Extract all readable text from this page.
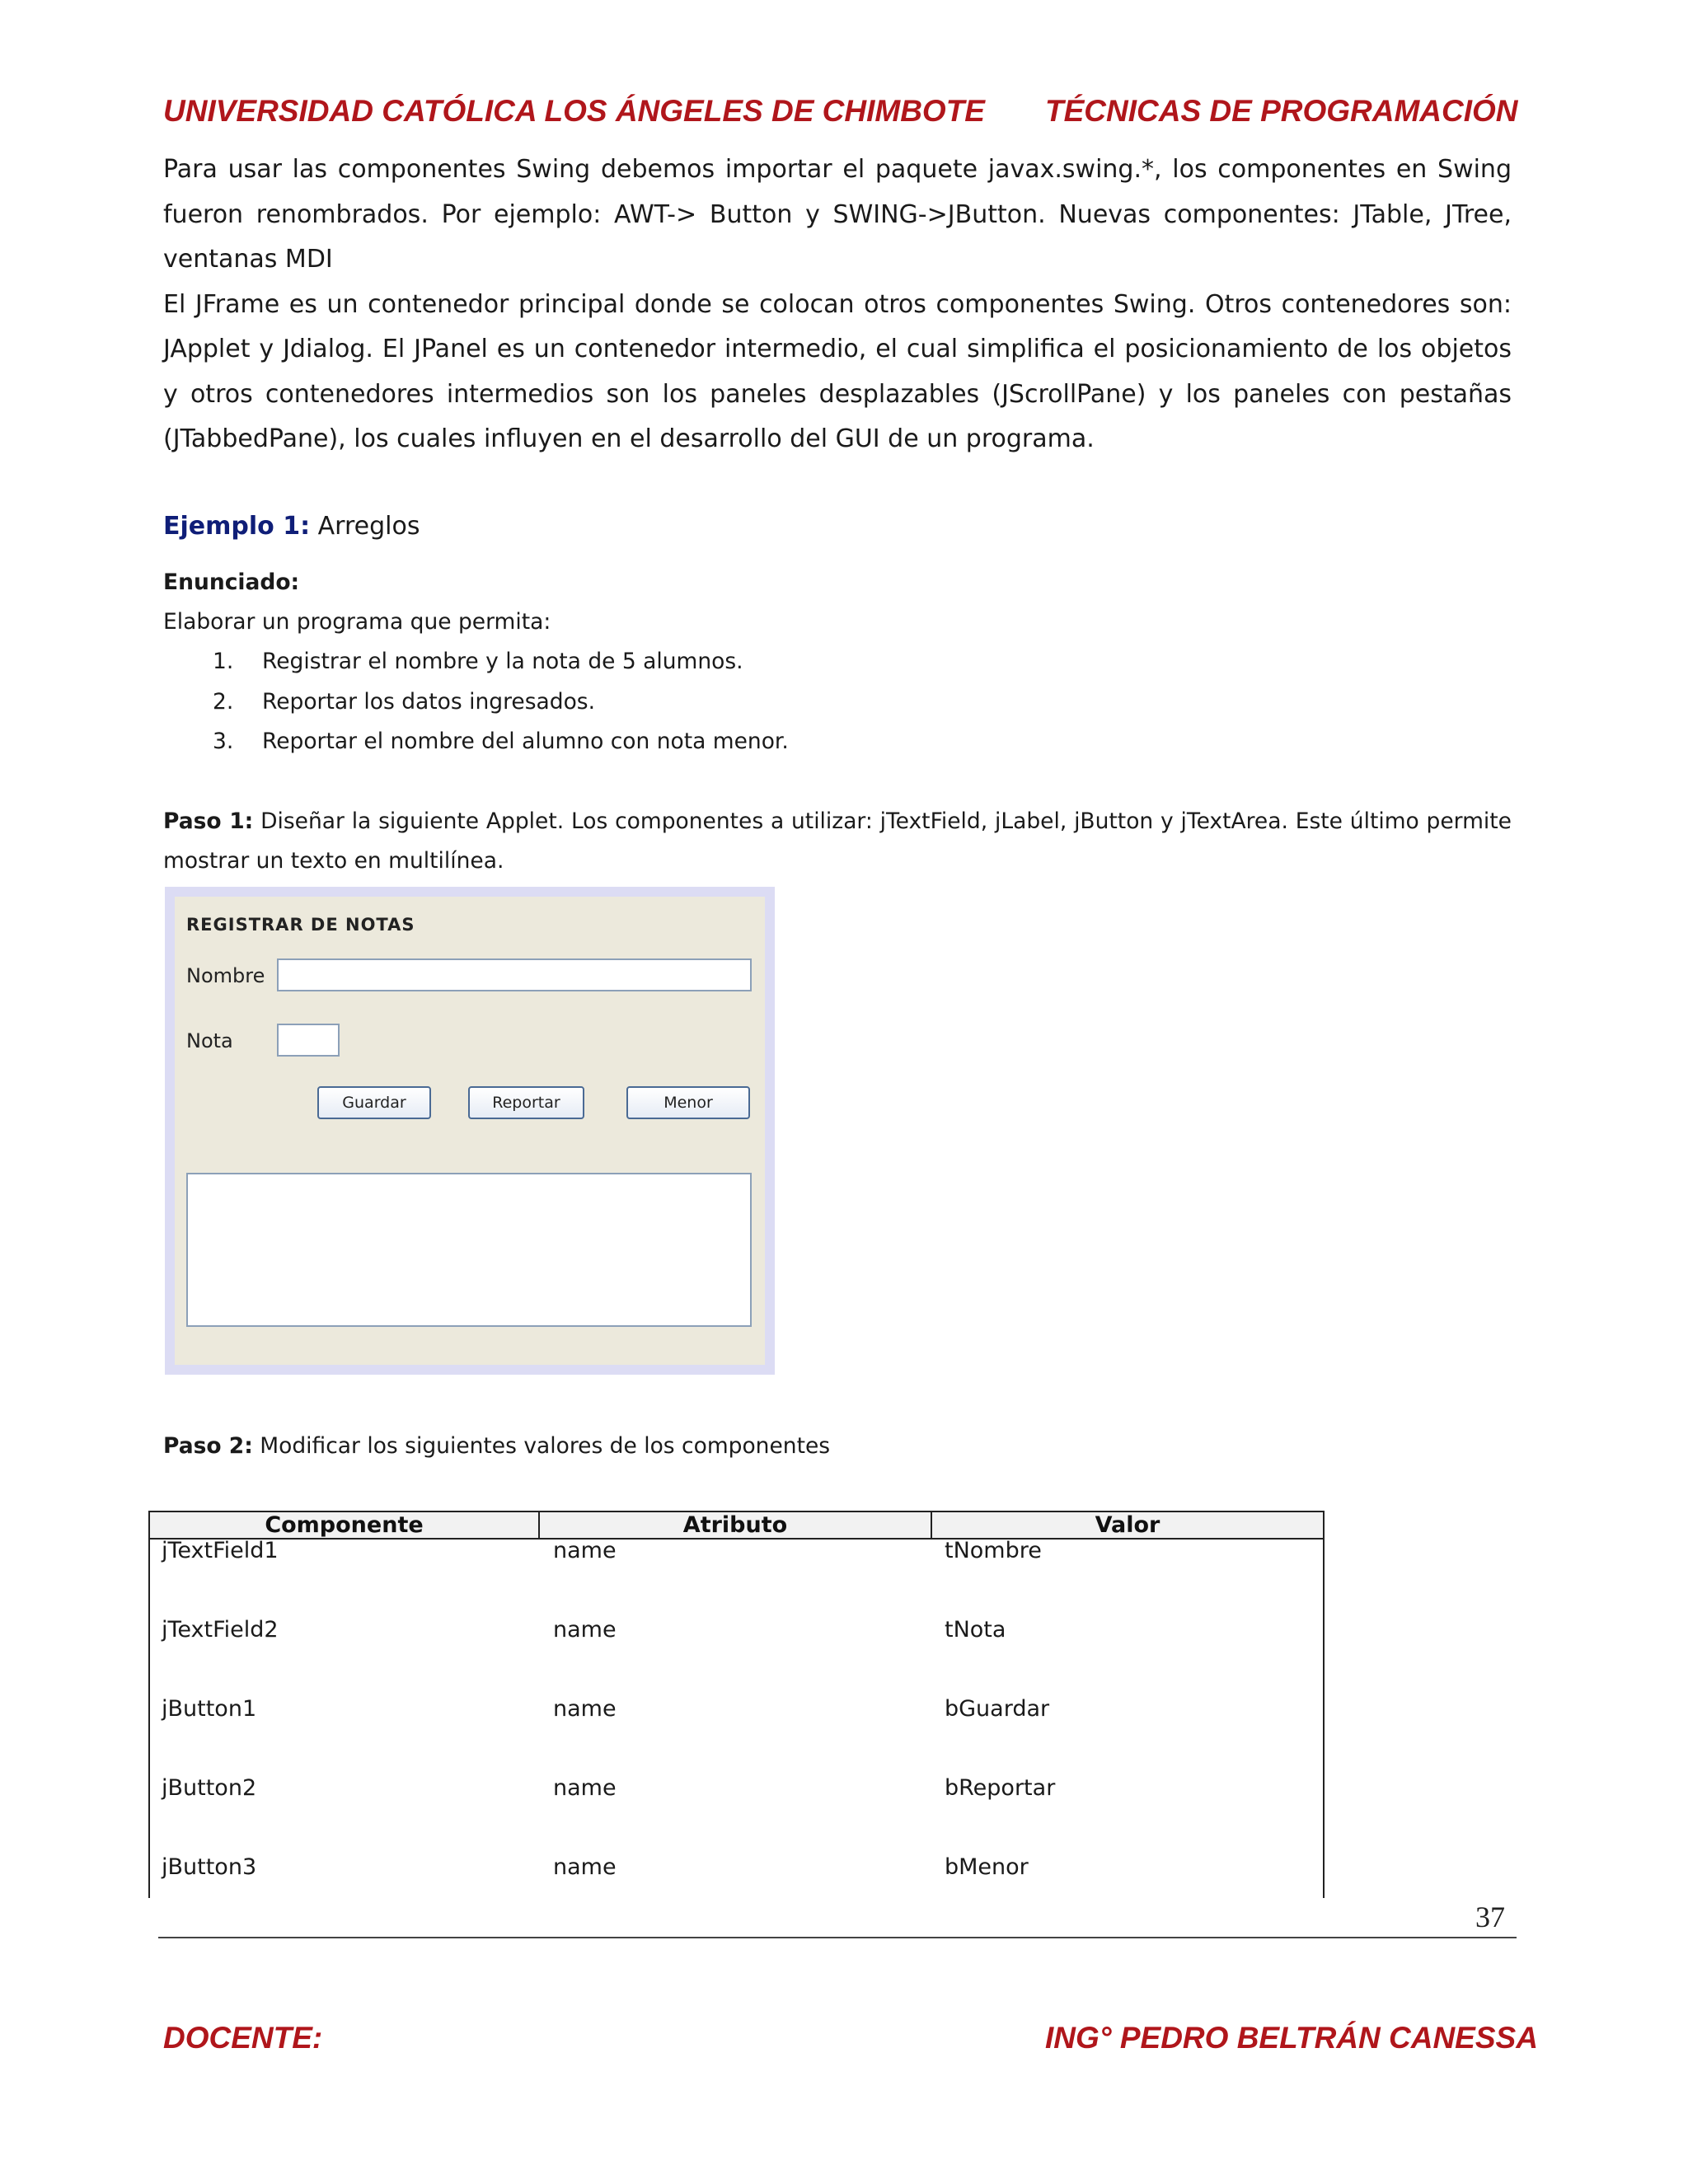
UNIVERSIDAD CATÓLICA LOS ÁNGELES DE CHIMBOTE TÉCNICAS DE PROGRAMACIÓN

Para usar las componentes Swing debemos importar el paquete javax.swing.*, los componentes en Swing fueron renombrados. Por ejemplo: AWT-> Button y SWING->JButton. Nuevas componentes: JTable, JTree, ventanas MDI

El JFrame es un contenedor principal donde se colocan otros componentes Swing. Otros contenedores son: JApplet y Jdialog. El JPanel es un contenedor intermedio, el cual simplifica el posicionamiento de los objetos y otros contenedores intermedios son los paneles desplazables (JScrollPane) y los paneles con pestañas (JTabbedPane), los cuales influyen en el desarrollo del GUI de un programa.

Ejemplo 1: Arreglos
Enunciado:
Elaborar un programa que permita:
1. Registrar el nombre y la nota de 5 alumnos.
2. Reportar los datos ingresados.
3. Reportar el nombre del alumno con nota menor.
Paso 1: Diseñar la siguiente Applet. Los componentes a utilizar: jTextField, jLabel, jButton y jTextArea. Este último permite mostrar un texto en multilínea.
REGISTRAR DE NOTAS
Nombre
Nota
Guardar	Reportar	Menor
Paso 2: Modificar los siguientes valores de los componentes
Componente	Atributo	Valor
jTextField1	name	tNombre
jTextField2	name	tNota
jButton1	name	bGuardar
jButton2	name	bReportar
jButton3	name	bMenor
37
DOCENTE:	ING° PEDRO BELTRÁN CANESSA
